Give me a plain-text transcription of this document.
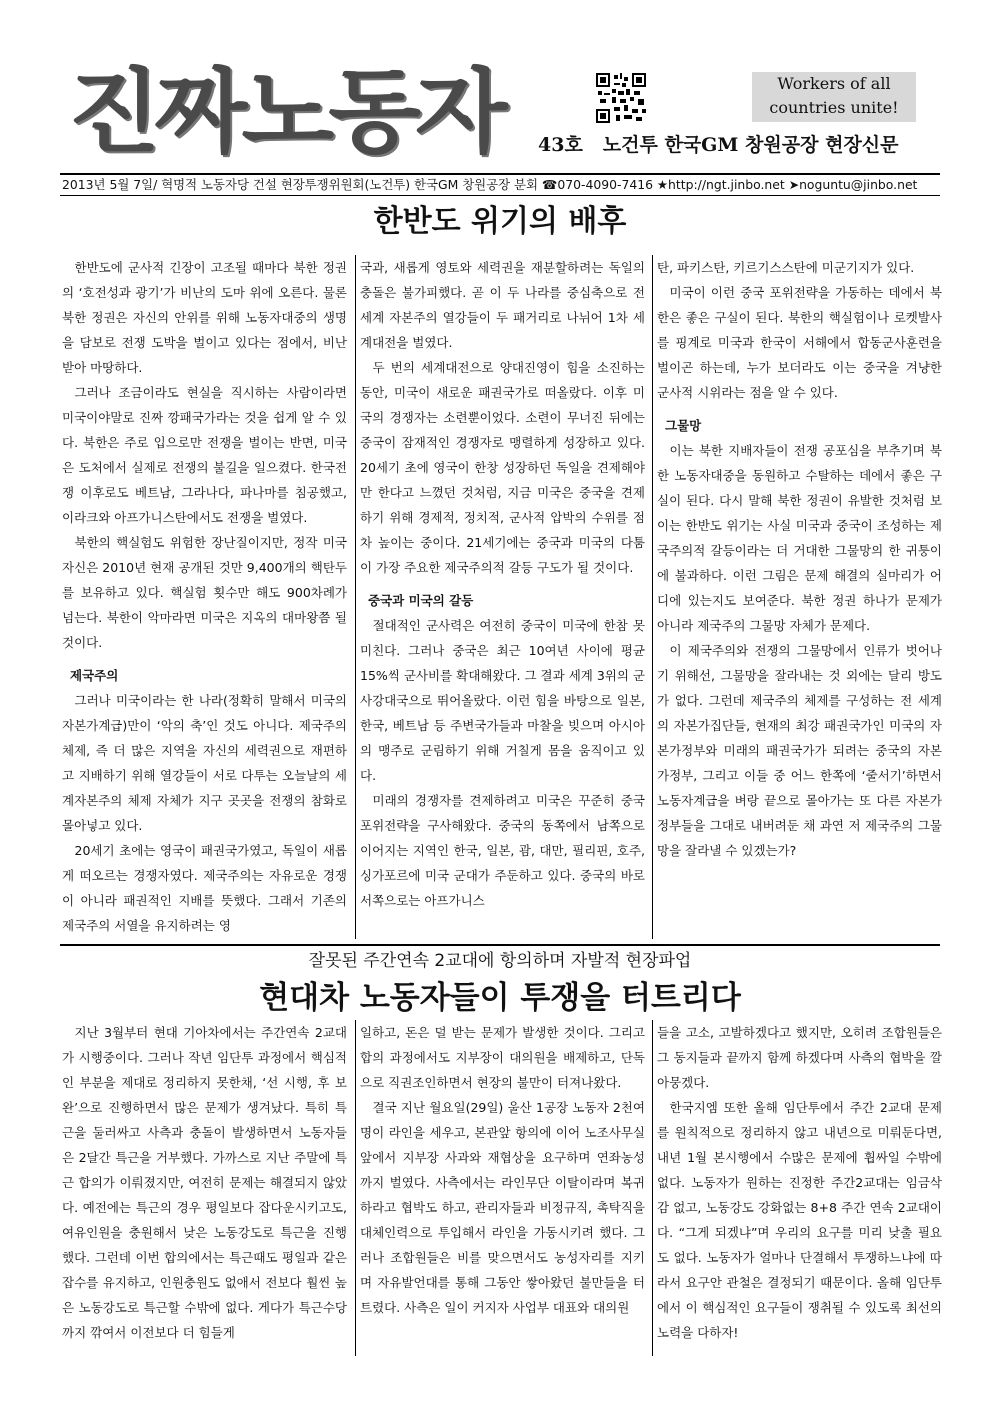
진짜노동자	Workers of all
countries unite!
43호 노건투 한국GM 창원공장 현장신문
2013년 5월 7일/ 혁명적 노동자당 건설 현장투쟁위원회(노건투) 한국GM 창원공장 분회 ☎070-4090-7416 ★http://ngt.jinbo.net ➤noguntu@jinbo.net
한반도 위기의 배후

한반도에 군사적 긴장이 고조될 때마다 북한 정권의 ‘호전성과 광기’가 비난의 도마 위에 오른다. 물론 북한 정권은 자신의 안위를 위해 노동자대중의 생명을 담보로 전쟁 도박을 벌이고 있다는 점에서, 비난받아 마땅하다.

그러나 조금이라도 현실을 직시하는 사람이라면 미국이야말로 진짜 깡패국가라는 것을 쉽게 알 수 있다. 북한은 주로 입으로만 전쟁을 벌이는 반면, 미국은 도처에서 실제로 전쟁의 불길을 일으켰다. 한국전쟁 이후로도 베트남, 그라나다, 파나마를 침공했고, 이라크와 아프가니스탄에서도 전쟁을 벌였다.

북한의 핵실험도 위험한 장난질이지만, 정작 미국 자신은 2010년 현재 공개된 것만 9,400개의 핵탄두를 보유하고 있다. 핵실험 횟수만 해도 900차례가 넘는다. 북한이 악마라면 미국은 지옥의 대마왕쯤 될 것이다.

제국주의

그러나 미국이라는 한 나라(정확히 말해서 미국의 자본가계급)만이 ‘악의 축’인 것도 아니다. 제국주의 체제, 즉 더 많은 지역을 자신의 세력권으로 재편하고 지배하기 위해 열강들이 서로 다투는 오늘날의 세계자본주의 체제 자체가 지구 곳곳을 전쟁의 참화로 몰아넣고 있다.

20세기 초에는 영국이 패권국가였고, 독일이 새롭게 떠오르는 경쟁자였다. 제국주의는 자유로운 경쟁이 아니라 패권적인 지배를 뜻했다. 그래서 기존의 제국주의 서열을 유지하려는 영

국과, 새롭게 영토와 세력권을 재분할하려는 독일의 충돌은 불가피했다. 곧 이 두 나라를 중심축으로 전 세계 자본주의 열강들이 두 패거리로 나뉘어 1차 세계대전을 벌였다.

두 번의 세계대전으로 양대진영이 힘을 소진하는 동안, 미국이 새로운 패권국가로 떠올랐다. 이후 미국의 경쟁자는 소련뿐이었다. 소련이 무너진 뒤에는 중국이 잠재적인 경쟁자로 맹렬하게 성장하고 있다. 20세기 초에 영국이 한창 성장하던 독일을 견제해야만 한다고 느꼈던 것처럼, 지금 미국은 중국을 견제하기 위해 경제적, 정치적, 군사적 압박의 수위를 점차 높이는 중이다. 21세기에는 중국과 미국의 다툼이 가장 주요한 제국주의적 갈등 구도가 될 것이다.

중국과 미국의 갈등

절대적인 군사력은 여전히 중국이 미국에 한참 못 미친다. 그러나 중국은 최근 10여년 사이에 평균 15%씩 군사비를 확대해왔다. 그 결과 세계 3위의 군사강대국으로 뛰어올랐다. 이런 힘을 바탕으로 일본, 한국, 베트남 등 주변국가들과 마찰을 빚으며 아시아의 맹주로 군림하기 위해 거칠게 몸을 움직이고 있다.

미래의 경쟁자를 견제하려고 미국은 꾸준히 중국 포위전략을 구사해왔다. 중국의 동쪽에서 남쪽으로 이어지는 지역인 한국, 일본, 괌, 대만, 필리핀, 호주, 싱가포르에 미국 군대가 주둔하고 있다. 중국의 바로 서쪽으로는 아프가니스

탄, 파키스탄, 키르기스스탄에 미군기지가 있다.

미국이 이런 중국 포위전략을 가동하는 데에서 북한은 좋은 구실이 된다. 북한의 핵실험이나 로켓발사를 핑계로 미국과 한국이 서해에서 합동군사훈련을 벌이곤 하는데, 누가 보더라도 이는 중국을 겨냥한 군사적 시위라는 점을 알 수 있다.

그물망

이는 북한 지배자들이 전쟁 공포심을 부추기며 북한 노동자대중을 동원하고 수탈하는 데에서 좋은 구실이 된다. 다시 말해 북한 정권이 유발한 것처럼 보이는 한반도 위기는 사실 미국과 중국이 조성하는 제국주의적 갈등이라는 더 거대한 그물망의 한 귀퉁이에 불과하다. 이런 그림은 문제 해결의 실마리가 어디에 있는지도 보여준다. 북한 정권 하나가 문제가 아니라 제국주의 그물망 자체가 문제다.

이 제국주의와 전쟁의 그물망에서 인류가 벗어나기 위해선, 그물망을 잘라내는 것 외에는 달리 방도가 없다. 그런데 제국주의 체제를 구성하는 전 세계의 자본가집단들, 현재의 최강 패권국가인 미국의 자본가정부와 미래의 패권국가가 되려는 중국의 자본가정부, 그리고 이들 중 어느 한쪽에 ‘줄서기’하면서 노동자계급을 벼랑 끝으로 몰아가는 또 다른 자본가정부들을 그대로 내버려둔 채 과연 저 제국주의 그물망을 잘라낼 수 있겠는가?

잘못된 주간연속 2교대에 항의하며 자발적 현장파업
현대차 노동자들이 투쟁을 터트리다

지난 3월부터 현대 기아차에서는 주간연속 2교대가 시행중이다. 그러나 작년 임단투 과정에서 핵심적인 부분을 제대로 정리하지 못한채, ‘선 시행, 후 보완’으로 진행하면서 많은 문제가 생겨났다. 특히 특근을 둘러싸고 사측과 충돌이 발생하면서 노동자들은 2달간 특근을 거부했다. 가까스로 지난 주말에 특근 합의가 이뤄졌지만, 여전히 문제는 해결되지 않았다. 예전에는 특근의 경우 평일보다 잡다운시키고도, 여유인원을 충원해서 낮은 노동강도로 특근을 진행했다. 그런데 이번 합의에서는 특근때도 평일과 같은 잡수를 유지하고, 인원충원도 없애서 전보다 훨씬 높은 노동강도로 특근할 수밖에 없다. 게다가 특근수당까지 깎여서 이전보다 더 힘들게

일하고, 돈은 덜 받는 문제가 발생한 것이다. 그리고 합의 과정에서도 지부장이 대의원을 배제하고, 단독으로 직권조인하면서 현장의 불만이 터져나왔다.

결국 지난 월요일(29일) 울산 1공장 노동자 2천여명이 라인을 세우고, 본관앞 항의에 이어 노조사무실 앞에서 지부장 사과와 재협상을 요구하며 연좌농성까지 벌였다. 사측에서는 라인무단 이탈이라며 복귀하라고 협박도 하고, 관리자들과 비정규직, 촉탁직을 대체인력으로 투입해서 라인을 가동시키려 했다. 그러나 조합원들은 비를 맞으면서도 농성자리를 지키며 자유발언대를 통해 그동안 쌓아왔던 불만들을 터트렸다. 사측은 일이 커지자 사업부 대표와 대의원

들을 고소, 고발하겠다고 했지만, 오히려 조합원들은 그 동지들과 끝까지 함께 하겠다며 사측의 협박을 깔아뭉겠다.

한국지엠 또한 올해 임단투에서 주간 2교대 문제를 원칙적으로 정리하지 않고 내년으로 미뤄둔다면, 내년 1월 본시행에서 수많은 문제에 휩싸일 수밖에 없다. 노동자가 원하는 진정한 주간2교대는 임금삭감 없고, 노동강도 강화없는 8+8 주간 연속 2교대이다. “그게 되겠냐”며 우리의 요구를 미리 낮출 필요도 없다. 노동자가 얼마나 단결해서 투쟁하느냐에 따라서 요구안 관철은 결정되기 때문이다. 올해 임단투에서 이 핵심적인 요구들이 쟁취될 수 있도록 최선의 노력을 다하자!
